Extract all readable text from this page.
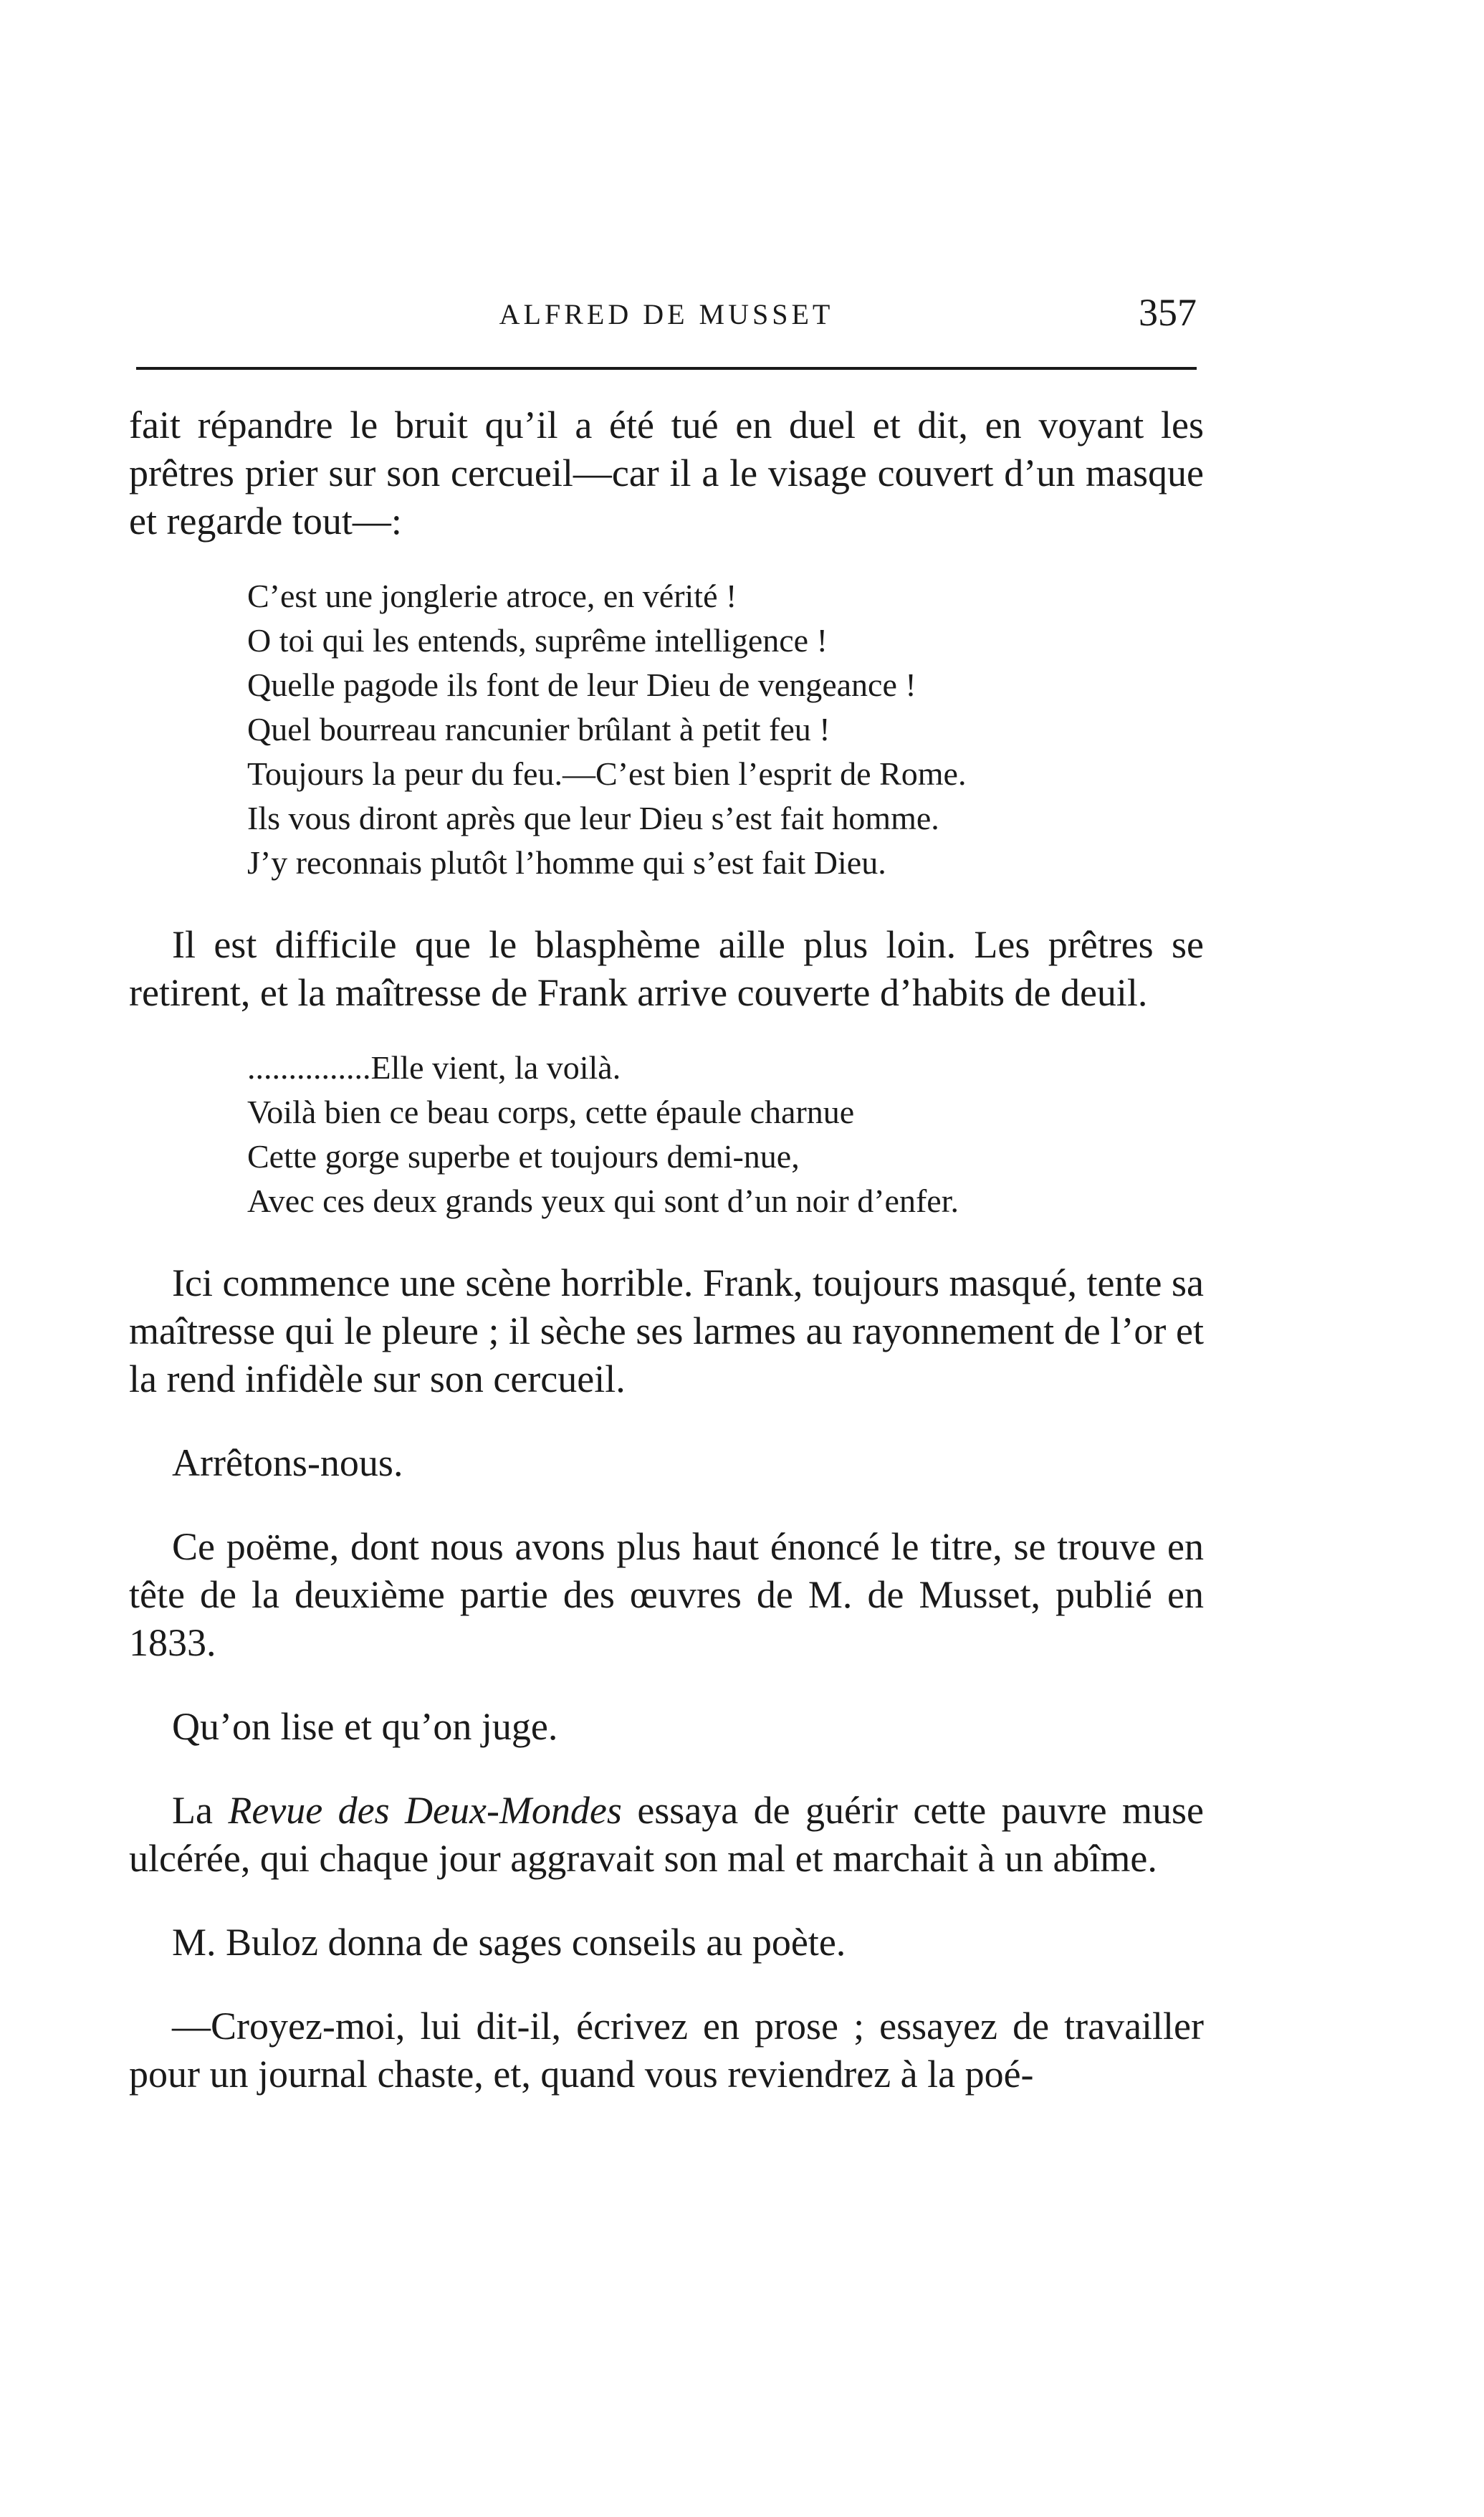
ALFRED DE MUSSET	357

fait répandre le bruit qu’il a été tué en duel et dit, en voyant les prêtres prier sur son cercueil—car il a le visage couvert d’un masque et regarde tout—:

C’est une jonglerie atroce, en vérité !
O toi qui les entends, suprême intelligence !
Quelle pagode ils font de leur Dieu de vengeance !
Quel bourreau rancunier brûlant à petit feu !
Toujours la peur du feu.—C’est bien l’esprit de Rome.
Ils vous diront après que leur Dieu s’est fait homme.
J’y reconnais plutôt l’homme qui s’est fait Dieu.

Il est difficile que le blasphème aille plus loin. Les prêtres se retirent, et la maîtresse de Frank arrive couverte d’habits de deuil.

...............Elle vient, la voilà.
Voilà bien ce beau corps, cette épaule charnue
Cette gorge superbe et toujours demi-nue,
Avec ces deux grands yeux qui sont d’un noir d’enfer.

Ici commence une scène horrible. Frank, toujours masqué, tente sa maîtresse qui le pleure ; il sèche ses larmes au rayonnement de l’or et la rend infidèle sur son cercueil.

Arrêtons-nous.

Ce poëme, dont nous avons plus haut énoncé le titre, se trouve en tête de la deuxième partie des œuvres de M. de Musset, publié en 1833.

Qu’on lise et qu’on juge.

La Revue des Deux-Mondes essaya de guérir cette pauvre muse ulcérée, qui chaque jour aggravait son mal et marchait à un abîme.

M. Buloz donna de sages conseils au poète.

—Croyez-moi, lui dit-il, écrivez en prose ; essayez de travailler pour un journal chaste, et, quand vous reviendrez à la poé-
